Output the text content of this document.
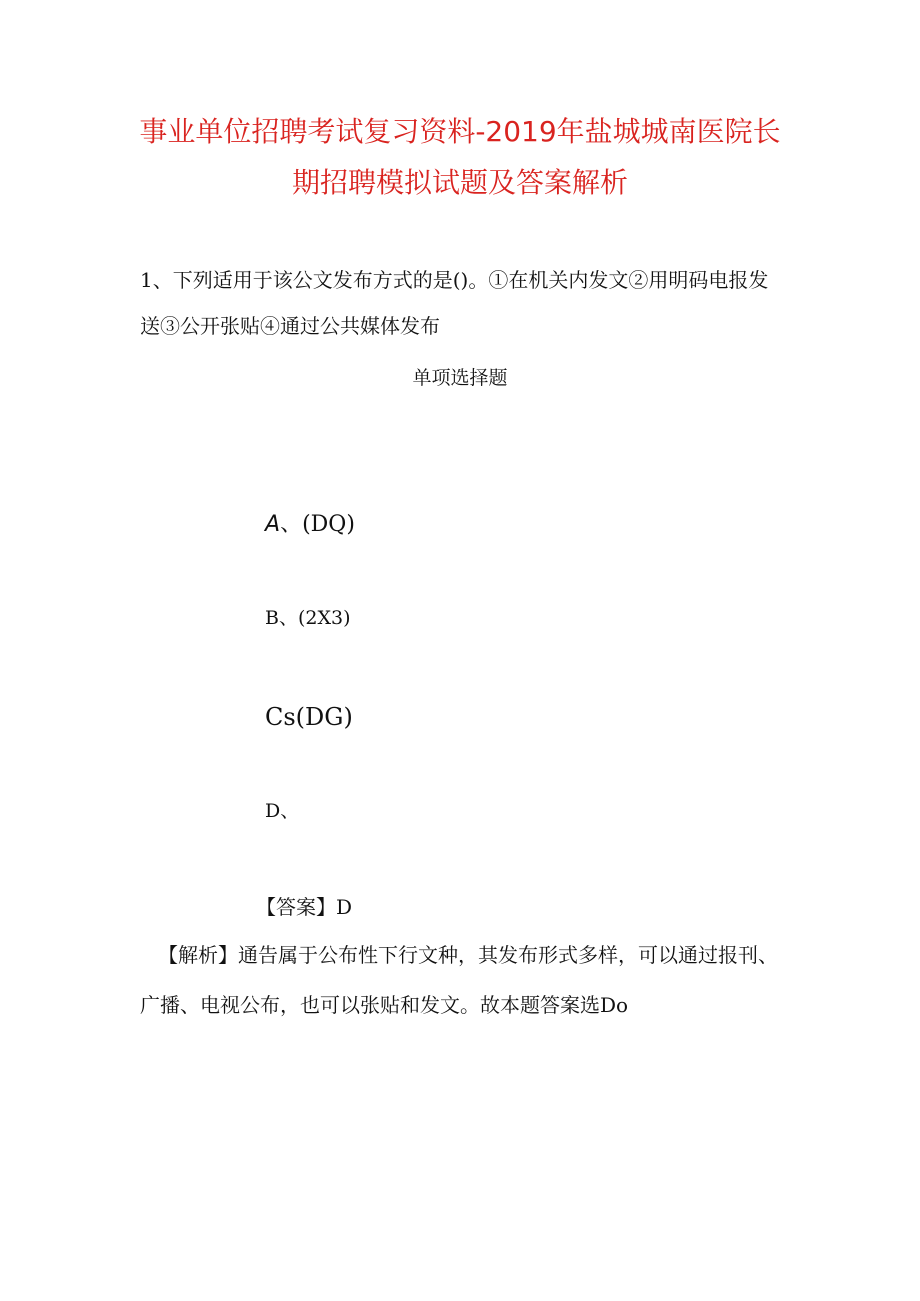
事业单位招聘考试复习资料-2019年盐城城南医院长
期招聘模拟试题及答案解析
1、下列适用于该公文发布方式的是()。①在机关内发文②用明码电报发
送③公开张贴④通过公共媒体发布
单项选择题
A、(DQ)
B、(2X3)
Cs(DG)
D、
【答案】D
【解析】通告属于公布性下行文种，其发布形式多样，可以通过报刊、
广播、电视公布，也可以张贴和发文。故本题答案选Do
